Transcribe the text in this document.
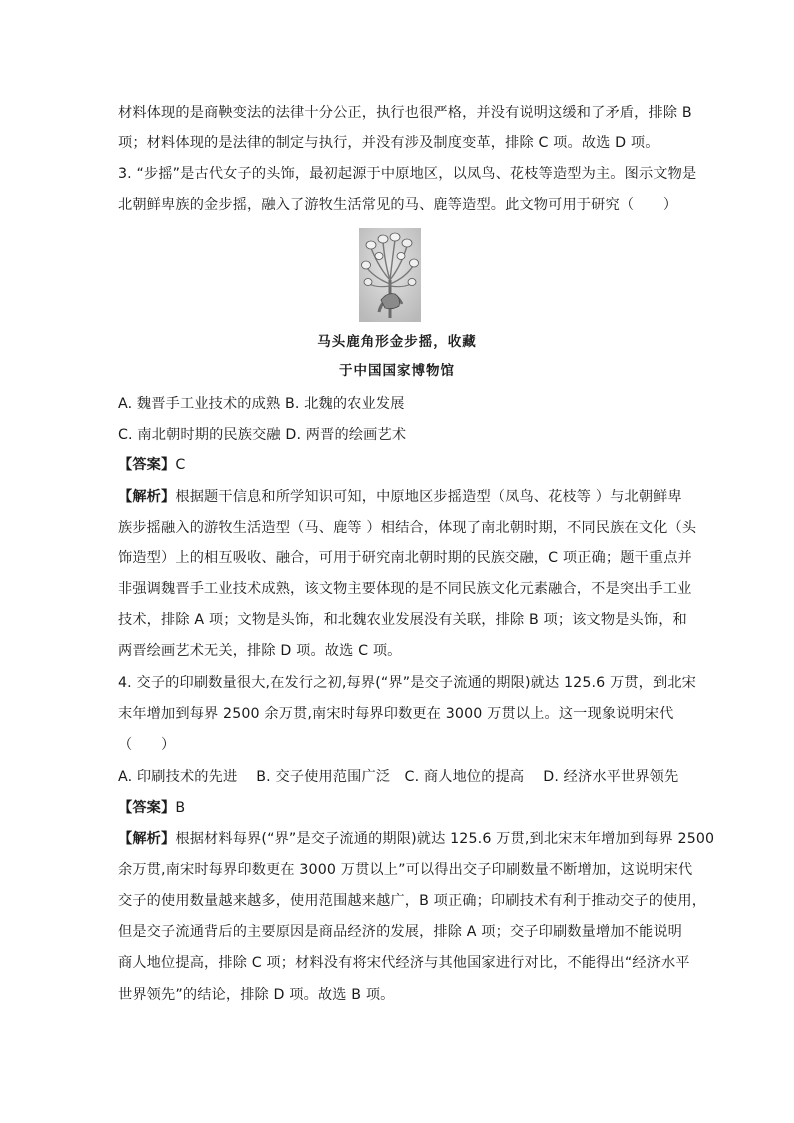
材料体现的是商鞅变法的法律十分公正，执行也很严格，并没有说明这缓和了矛盾，排除 B
项；材料体现的是法律的制定与执行，并没有涉及制度变革，排除 C 项。故选 D 项。
3. “步摇”是古代女子的头饰，最初起源于中原地区，以凤鸟、花枝等造型为主。图示文物是
北朝鲜卑族的金步摇，融入了游牧生活常见的马、鹿等造型。此文物可用于研究（　　）
马头鹿角形金步摇，收藏
于中国国家博物馆
A. 魏晋手工业技术的成熟 B. 北魏的农业发展
C. 南北朝时期的民族交融 D. 两晋的绘画艺术
【答案】C
【解析】根据题干信息和所学知识可知，中原地区步摇造型（凤鸟、花枝等 ）与北朝鲜卑
族步摇融入的游牧生活造型（马、鹿等 ）相结合，体现了南北朝时期，不同民族在文化（头
饰造型）上的相互吸收、融合，可用于研究南北朝时期的民族交融，C 项正确；题干重点并
非强调魏晋手工业技术成熟，该文物主要体现的是不同民族文化元素融合，不是突出手工业
技术，排除 A 项；文物是头饰，和北魏农业发展没有关联，排除 B 项；该文物是头饰，和
两晋绘画艺术无关，排除 D 项。故选 C 项。
4. 交子的印刷数量很大,在发行之初,每界(“界”是交子流通的期限)就达 125.6 万贯，到北宋
末年增加到每界 2500 余万贯,南宋时每界印数更在 3000 万贯以上。这一现象说明宋代
（　　）
A. 印刷技术的先进　 B. 交子使用范围广泛　C. 商人地位的提高　 D. 经济水平世界领先
【答案】B
【解析】根据材料每界(“界”是交子流通的期限)就达 125.6 万贯,到北宋末年增加到每界 2500
余万贯,南宋时每界印数更在 3000 万贯以上”可以得出交子印刷数量不断增加，这说明宋代
交子的使用数量越来越多，使用范围越来越广，B 项正确；印刷技术有利于推动交子的使用，
但是交子流通背后的主要原因是商品经济的发展，排除 A 项；交子印刷数量增加不能说明
商人地位提高，排除 C 项；材料没有将宋代经济与其他国家进行对比，不能得出“经济水平
世界领先”的结论，排除 D 项。故选 B 项。
